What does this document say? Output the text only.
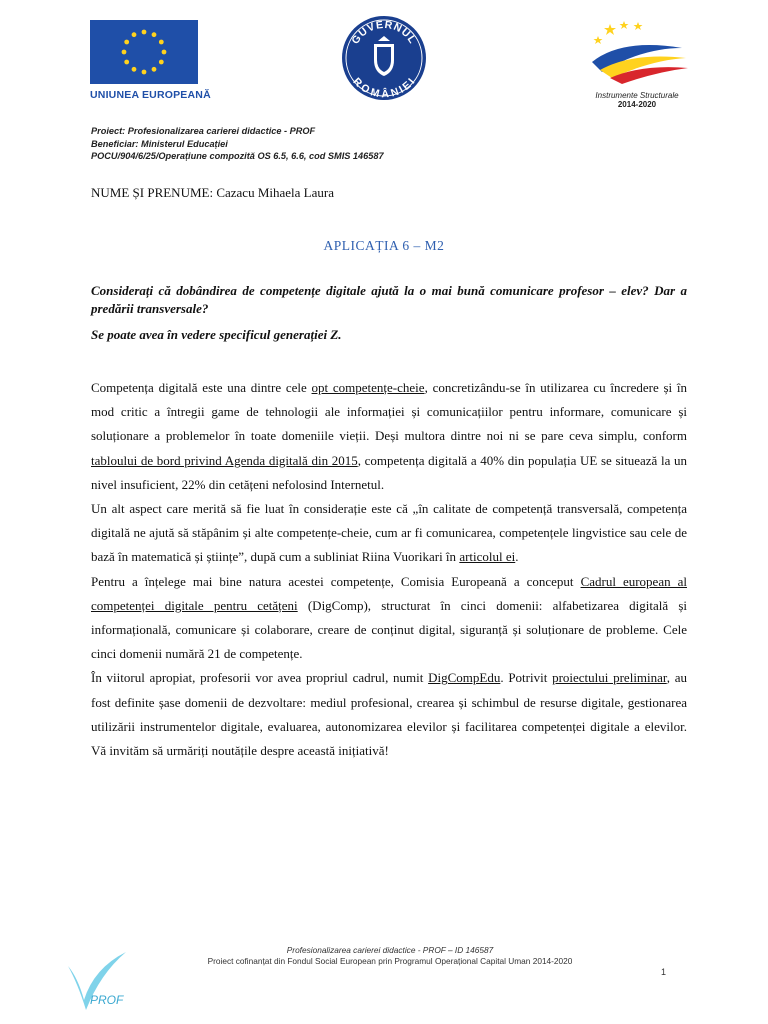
UNIUNEA EUROPEANĂ
GUVERNUL
ROMÂNIEI
Instrumente Structurale
2014-2020
Proiect: Profesionalizarea carierei didactice - PROF
Beneficiar: Ministerul Educației
POCU/904/6/25/Operațiune compozită OS 6.5, 6.6, cod SMIS 146587
NUME ȘI PRENUME: Cazacu Mihaela Laura
APLICAȚIA 6 – M2

Considerați că dobândirea de competențe digitale ajută la o mai bună comunicare profesor – elev? Dar a predării transversale?

Se poate avea în vedere specificul generației Z.

Competența digitală este una dintre cele opt competențe-cheie, concretizându-se în utilizarea cu încredere și în mod critic a întregii game de tehnologii ale informației și comunicațiilor pentru informare, comunicare și soluționare a problemelor în toate domeniile vieții. Deși multora dintre noi ni se pare ceva simplu, conform tabloului de bord privind Agenda digitală din 2015, competența digitală a 40% din populația UE se situează la un nivel insuficient, 22% din cetățeni nefolosind Internetul.

Un alt aspect care merită să fie luat în considerație este că „în calitate de competență transversală, competența digitală ne ajută să stăpânim și alte competențe-cheie, cum ar fi comunicarea, competențele lingvistice sau cele de bază în matematică și științe”, după cum a subliniat Riina Vuorikari în articolul ei.

Pentru a înțelege mai bine natura acestei competențe, Comisia Europeană a conceput Cadrul european al competenței digitale pentru cetățeni (DigComp), structurat în cinci domenii: alfabetizarea digitală și informațională, comunicare și colaborare, creare de conținut digital, siguranță și soluționare de probleme. Cele cinci domenii numără 21 de competențe.

În viitorul apropiat, profesorii vor avea propriul cadrul, numit DigCompEdu. Potrivit proiectului preliminar, au fost definite șase domenii de dezvoltare: mediul profesional, crearea și schimbul de resurse digitale, gestionarea utilizării instrumentelor digitale, evaluarea, autonomizarea elevilor și facilitarea competenței digitale a elevilor. Vă invităm să urmăriți noutățile despre această inițiativă!

PROF
Profesionalizarea carierei didactice - PROF – ID 146587
Proiect cofinanțat din Fondul Social European prin Programul Operațional Capital Uman 2014-2020
1
